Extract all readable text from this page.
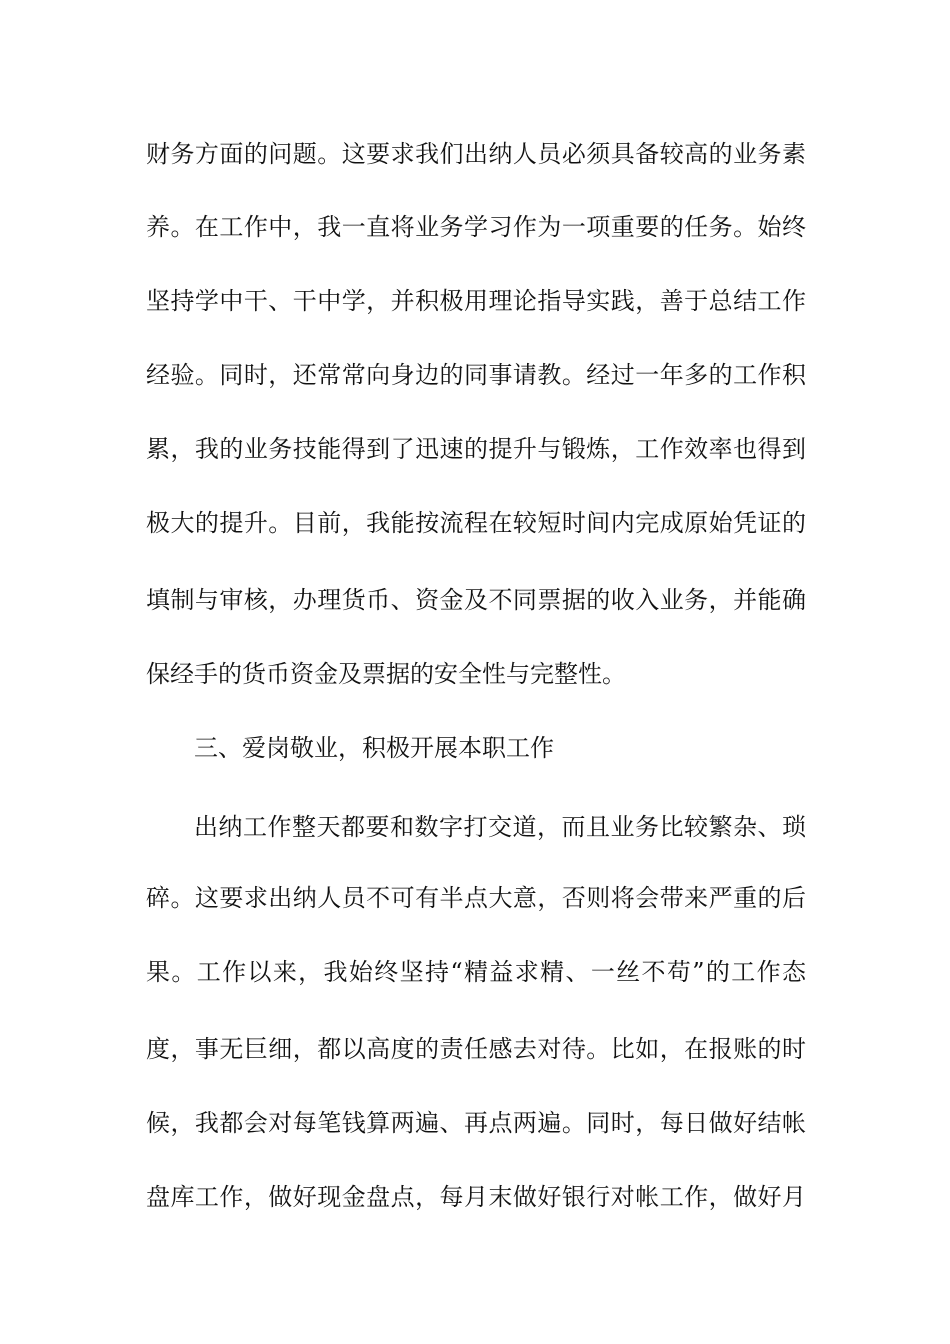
财务方面的问题。这要求我们出纳人员必须具备较高的业务素
养。在工作中，我一直将业务学习作为一项重要的任务。始终
坚持学中干、干中学，并积极用理论指导实践，善于总结工作
经验。同时，还常常向身边的同事请教。经过一年多的工作积
累，我的业务技能得到了迅速的提升与锻炼，工作效率也得到
极大的提升。目前，我能按流程在较短时间内完成原始凭证的
填制与审核，办理货币、资金及不同票据的收入业务，并能确
保经手的货币资金及票据的安全性与完整性。
三、爱岗敬业，积极开展本职工作
出纳工作整天都要和数字打交道，而且业务比较繁杂、琐
碎。这要求出纳人员不可有半点大意，否则将会带来严重的后
果。工作以来，我始终坚持“精益求精、一丝不苟”的工作态
度，事无巨细，都以高度的责任感去对待。比如，在报账的时
候，我都会对每笔钱算两遍、再点两遍。同时，每日做好结帐
盘库工作，做好现金盘点，每月末做好银行对帐工作，做好月
